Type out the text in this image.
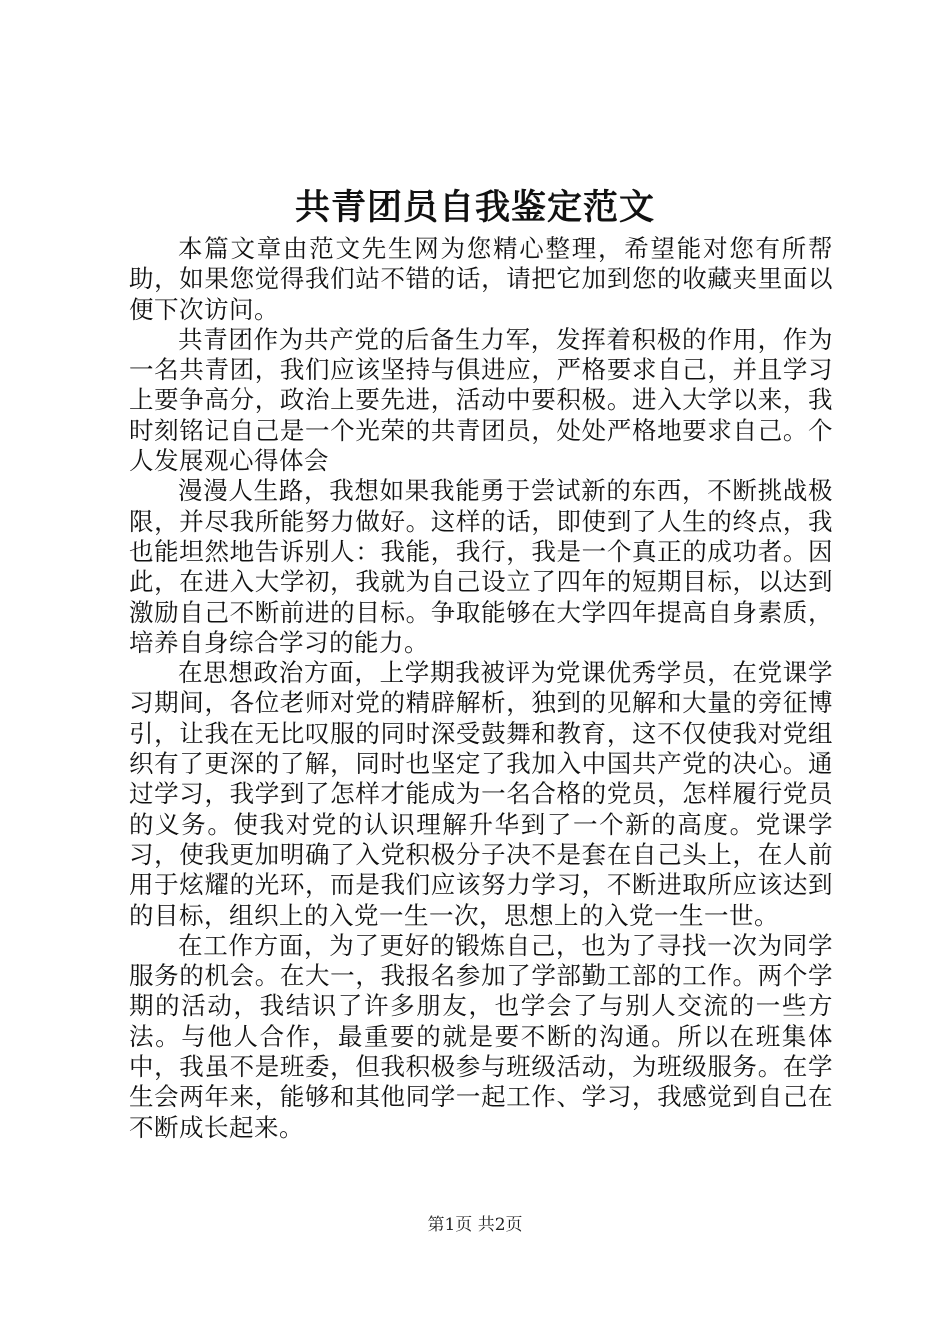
共青团员自我鉴定范文

本篇文章由范文先生网为您精心整理，希望能对您有所帮助，如果您觉得我们站不错的话，请把它加到您的收藏夹里面以便下次访问。

共青团作为共产党的后备生力军，发挥着积极的作用，作为一名共青团，我们应该坚持与俱进应，严格要求自己，并且学习上要争高分，政治上要先进，活动中要积极。进入大学以来，我时刻铭记自己是一个光荣的共青团员，处处严格地要求自己。个人发展观心得体会

漫漫人生路，我想如果我能勇于尝试新的东西，不断挑战极限，并尽我所能努力做好。这样的话，即使到了人生的终点，我也能坦然地告诉别人：我能，我行，我是一个真正的成功者。因此，在进入大学初，我就为自己设立了四年的短期目标，以达到激励自己不断前进的目标。争取能够在大学四年提高自身素质，培养自身综合学习的能力。

在思想政治方面，上学期我被评为党课优秀学员，在党课学习期间，各位老师对党的精辟解析，独到的见解和大量的旁征博引，让我在无比叹服的同时深受鼓舞和教育，这不仅使我对党组织有了更深的了解，同时也坚定了我加入中国共产党的决心。通过学习，我学到了怎样才能成为一名合格的党员，怎样履行党员的义务。使我对党的认识理解升华到了一个新的高度。党课学习，使我更加明确了入党积极分子决不是套在自己头上，在人前用于炫耀的光环，而是我们应该努力学习，不断进取所应该达到的目标，组织上的入党一生一次，思想上的入党一生一世。

在工作方面，为了更好的锻炼自己，也为了寻找一次为同学服务的机会。在大一，我报名参加了学部勤工部的工作。两个学期的活动，我结识了许多朋友，也学会了与别人交流的一些方法。与他人合作，最重要的就是要不断的沟通。所以在班集体中，我虽不是班委，但我积极参与班级活动，为班级服务。在学生会两年来，能够和其他同学一起工作、学习，我感觉到自己在不断成长起来。

第1页 共2页
